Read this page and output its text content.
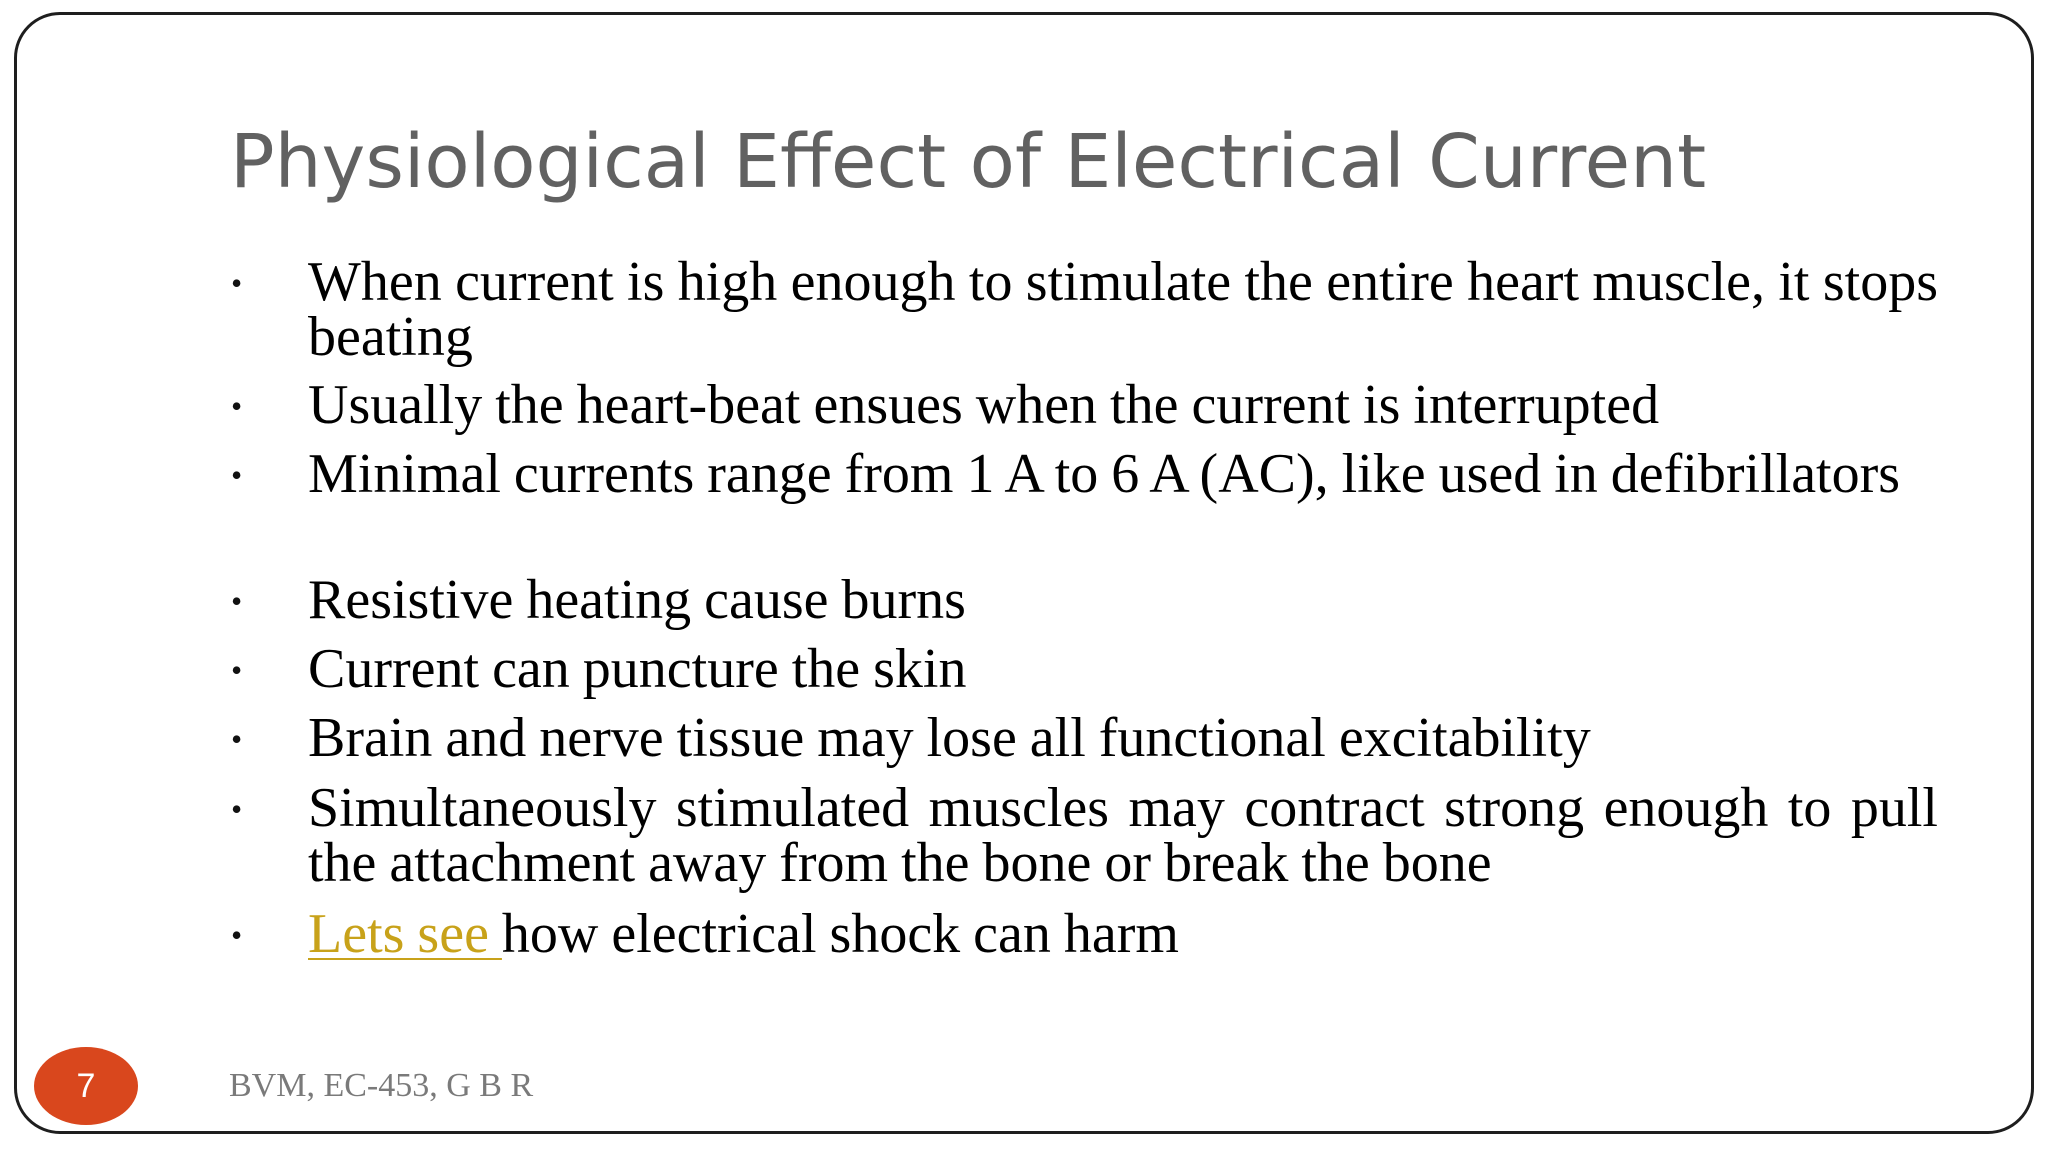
Physiological Effect of Electrical Current
• When current is high enough to stimulate the entire heart muscle, it stops beating
• Usually the heart-beat ensues when the current is interrupted
• Minimal currents range from 1 A to 6 A (AC), like used in defibrillators
• Resistive heating cause burns
• Current can puncture the skin
• Brain and nerve tissue may lose all functional excitability
• Simultaneously stimulated muscles may contract strong enough to pull the attachment away from the bone or break the bone
• Lets see how electrical shock can harm
7	BVM, EC-453, G B R
